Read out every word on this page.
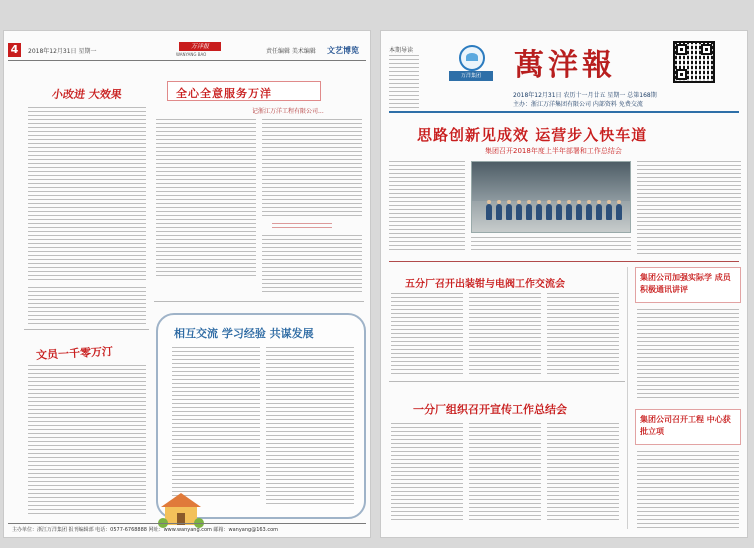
4	2018年12月31日 星期一
万洋报
WANYANG BAO	责任编辑 美术编辑 文艺博览
小改进 大效果	全心全意服务万洋
记浙江万洋工程有限公司...
文员一千零万汀
相互交流 学习经验 共谋发展
主办单位：浙江万洋集团 报刊编辑部 电话：0577-6768888 网址：www.wanyang.com 邮箱：wanyang@163.com
本期导读
万洋集团	萬洋報
2018年12月31日 农历十一月廿五 星期一 总第168期
主办：浙江万洋集团有限公司 内部资料 免费交流
思路创新见成效 运营步入快车道
集团召开2018年度上半年部署和工作总结会
五分厂召开出装钳与电阀工作交流会
一分厂组织召开宣传工作总结会
集团公司加强实际学 成员积极通讯讲评
集团公司召开工程 中心获批立项
